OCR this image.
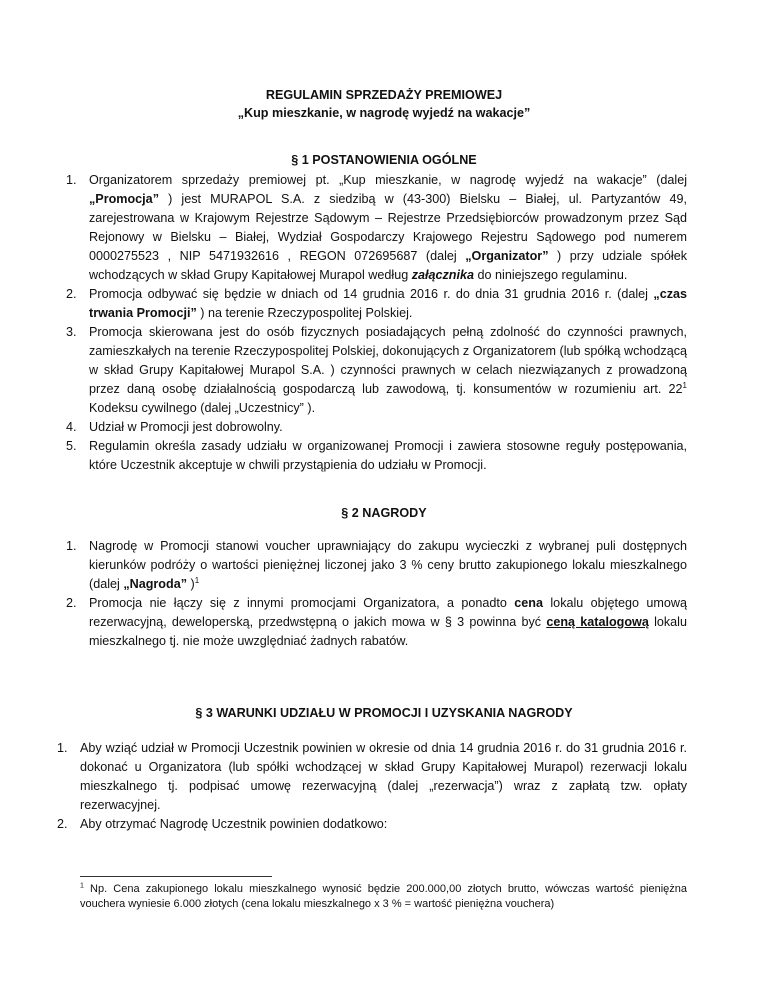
REGULAMIN SPRZEDAŻY PREMIOWEJ
„Kup mieszkanie, w nagrodę wyjedź na wakacje”
§ 1 POSTANOWIENIA OGÓLNE
1. Organizatorem sprzedaży premiowej pt. „Kup mieszkanie, w nagrodę wyjedź na wakacje” (dalej „Promocja” ) jest MURAPOL S.A. z siedzibą w (43-300) Bielsku – Białej, ul. Partyzantów 49, zarejestrowana w Krajowym Rejestrze Sądowym – Rejestrze Przedsiębiorców prowadzonym przez Sąd Rejonowy w Bielsku – Białej, Wydział Gospodarczy Krajowego Rejestru Sądowego pod numerem 0000275523 , NIP 5471932616 , REGON 072695687 (dalej „Organizator” ) przy udziale spółek wchodzących w skład Grupy Kapitałowej Murapol według załącznika do niniejszego regulaminu.
2. Promocja odbywać się będzie w dniach od 14 grudnia 2016 r. do dnia 31 grudnia 2016 r. (dalej „czas trwania Promocji” ) na terenie Rzeczypospolitej Polskiej.
3. Promocja skierowana jest do osób fizycznych posiadających pełną zdolność do czynności prawnych, zamieszkałych na terenie Rzeczypospolitej Polskiej, dokonujących z Organizatorem (lub spółką wchodzącą w skład Grupy Kapitałowej Murapol S.A. ) czynności prawnych w celach niezwiązanych z prowadzoną przez daną osobę działalnością gospodarczą lub zawodową, tj. konsumentów w rozumieniu art. $22^1$ Kodeksu cywilnego (dalej „Uczestnicy” ).
4. Udział w Promocji jest dobrowolny.
5. Regulamin określa zasady udziału w organizowanej Promocji i zawiera stosowne reguły postępowania, które Uczestnik akceptuje w chwili przystąpienia do udziału w Promocji.
§ 2 NAGRODY
1. Nagrodę w Promocji stanowi voucher uprawniający do zakupu wycieczki z wybranej puli dostępnych kierunków podróży o wartości pieniężnej liczonej jako 3 % ceny brutto zakupionego lokalu mieszkalnego (dalej „Nagroda” )$^1$
2. Promocja nie łączy się z innymi promocjami Organizatora, a ponadto cena lokalu objętego umową rezerwacyjną, deweloperską, przedwstępną o jakich mowa w § 3 powinna być ceną katalogową lokalu mieszkalnego tj. nie może uwzględniać żadnych rabatów.
§ 3 WARUNKI UDZIAŁU W PROMOCJI I UZYSKANIA NAGRODY
1. Aby wziąć udział w Promocji Uczestnik powinien w okresie od dnia 14 grudnia 2016 r. do 31 grudnia 2016 r. dokonać u Organizatora (lub spółki wchodzącej w skład Grupy Kapitałowej Murapol) rezerwacji lokalu mieszkalnego tj. podpisać umowę rezerwacyjną (dalej „rezerwacja”) wraz z zapłatą tzw. opłaty rezerwacyjnej.
2. Aby otrzymać Nagrodę Uczestnik powinien dodatkowo:
$^1$ Np. Cena zakupionego lokalu mieszkalnego wynosić będzie 200.000,00 złotych brutto, wówczas wartość pieniężna vouchera wyniesie 6.000 złotych (cena lokalu mieszkalnego x 3 % = wartość pieniężna vouchera)
